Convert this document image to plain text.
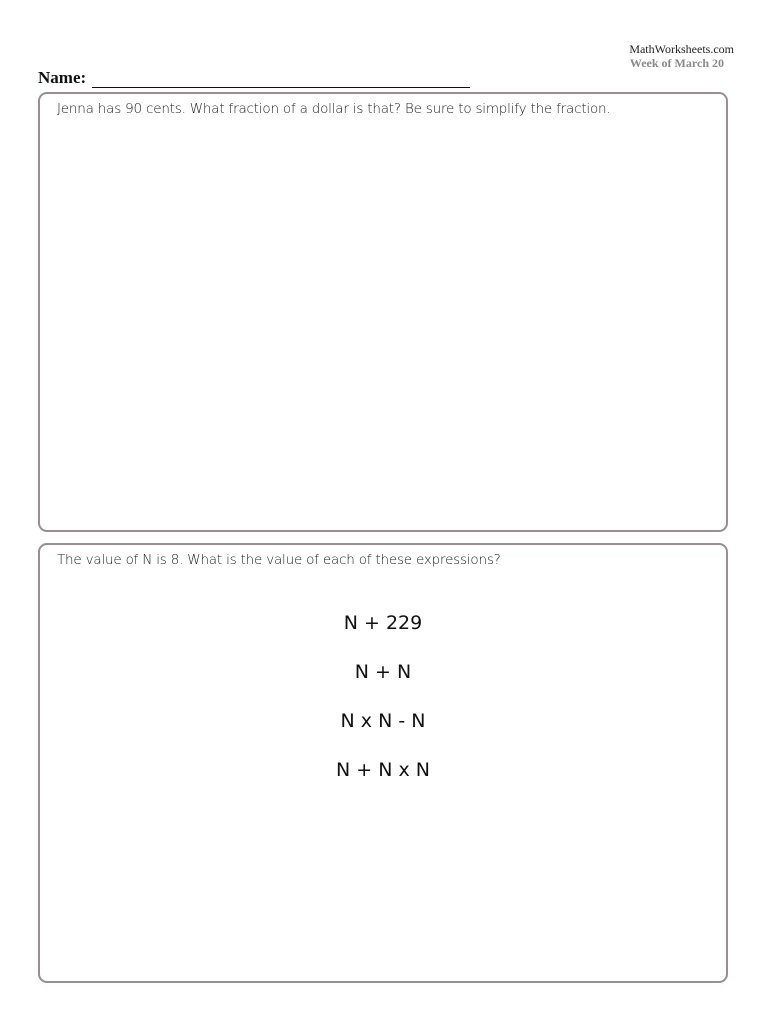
MathWorksheets.com
Week of March 20
Name:
Jenna has 90 cents. What fraction of a dollar is that? Be sure to simplify the fraction.
The value of N is 8. What is the value of each of these expressions?
N + 229
N + N
N x N - N
N + N x N
